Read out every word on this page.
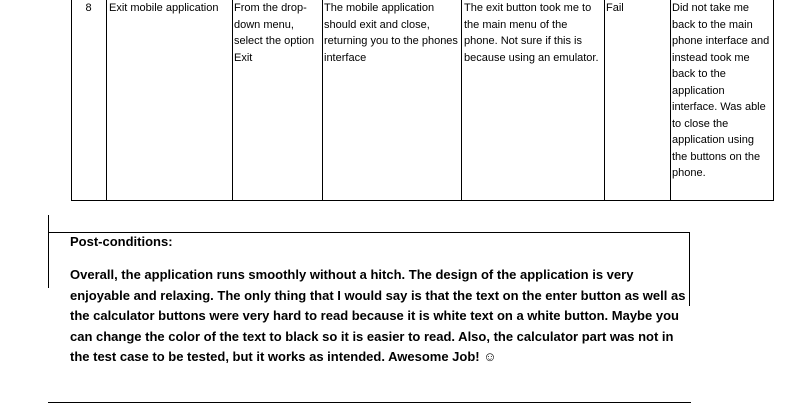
8	Exit mobile application	From the drop-down menu, select the option Exit	The mobile application should exit and close, returning you to the phones interface	The exit button took me to the main menu of the phone. Not sure if this is because using an emulator.	Fail	Did not take me back to the main phone interface and instead took me back to the application interface. Was able to close the application using the buttons on the phone.
Post-conditions:
Overall, the application runs smoothly without a hitch. The design of the application is very enjoyable and relaxing. The only thing that I would say is that the text on the enter button as well as the calculator buttons were very hard to read because it is white text on a white button. Maybe you can change the color of the text to black so it is easier to read. Also, the calculator part was not in the test case to be tested, but it works as intended. Awesome Job! ☺
